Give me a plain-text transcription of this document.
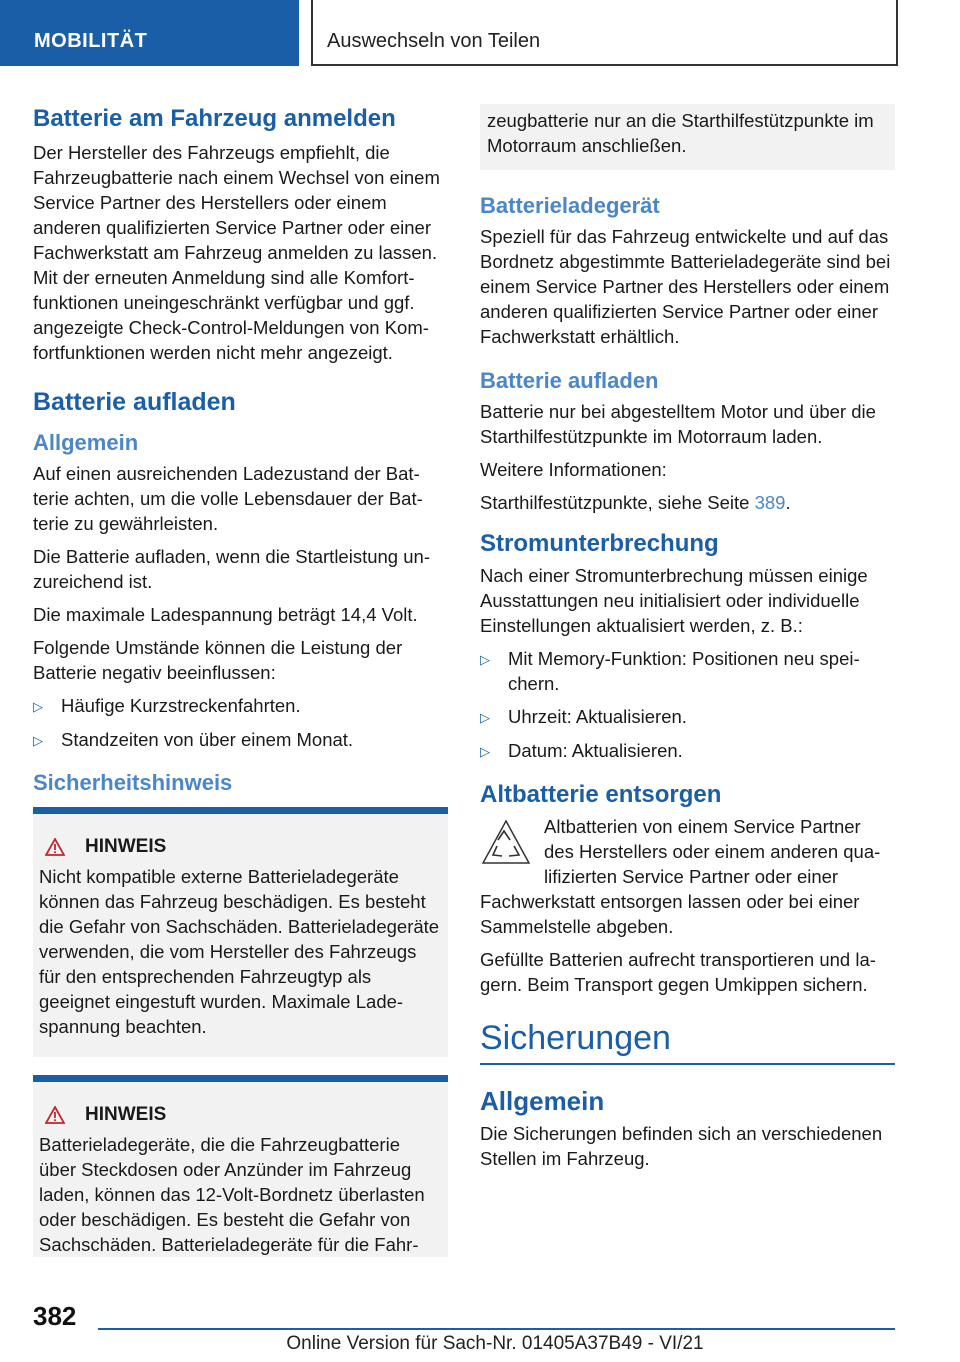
MOBILITÄT	Auswechseln von Teilen
Batterie am Fahrzeug anmelden
Der Hersteller des Fahrzeugs empfiehlt, die Fahrzeugbatterie nach einem Wechsel von einem Service Partner des Herstellers oder einem anderen qualifizierten Service Partner oder einer Fachwerkstatt am Fahrzeug anmelden zu lassen. Mit der erneuten Anmeldung sind alle Komfortfunktionen uneingeschränkt verfügbar und ggf. angezeigte Check-Control-Meldungen von Komfortfunktionen werden nicht mehr angezeigt.
Batterie aufladen
Allgemein
Auf einen ausreichenden Ladezustand der Batterie achten, um die volle Lebensdauer der Batterie zu gewährleisten.
Die Batterie aufladen, wenn die Startleistung unzureichend ist.
Die maximale Ladespannung beträgt 14,4 Volt.
Folgende Umstände können die Leistung der Batterie negativ beeinflussen:
▷ Häufige Kurzstreckenfahrten.
▷ Standzeiten von über einem Monat.
Sicherheitshinweis
HINWEIS
Nicht kompatible externe Batterieladegeräte können das Fahrzeug beschädigen. Es besteht die Gefahr von Sachschäden. Batterieladegeräte verwenden, die vom Hersteller des Fahrzeugs für den entsprechenden Fahrzeugtyp als geeignet eingestuft wurden. Maximale Ladespannung beachten.
HINWEIS
Batterieladegeräte, die die Fahrzeugbatterie über Steckdosen oder Anzünder im Fahrzeug laden, können das 12-Volt-Bordnetz überlasten oder beschädigen. Es besteht die Gefahr von Sachschäden. Batterieladegeräte für die Fahr-
zeugbatterie nur an die Starthilfestützpunkte im Motorraum anschließen.
Batterieladegerät
Speziell für das Fahrzeug entwickelte und auf das Bordnetz abgestimmte Batterieladegeräte sind bei einem Service Partner des Herstellers oder einem anderen qualifizierten Service Partner oder einer Fachwerkstatt erhältlich.
Batterie aufladen
Batterie nur bei abgestelltem Motor und über die Starthilfestützpunkte im Motorraum laden.
Weitere Informationen:
Starthilfestützpunkte, siehe Seite 389.
Stromunterbrechung
Nach einer Stromunterbrechung müssen einige Ausstattungen neu initialisiert oder individuelle Einstellungen aktualisiert werden, z. B.:
▷ Mit Memory-Funktion: Positionen neu speichern.
▷ Uhrzeit: Aktualisieren.
▷ Datum: Aktualisieren.
Altbatterie entsorgen
Altbatterien von einem Service Partner des Herstellers oder einem anderen qualifizierten Service Partner oder einer Fachwerkstatt entsorgen lassen oder bei einer Sammelstelle abgeben.
Gefüllte Batterien aufrecht transportieren und lagern. Beim Transport gegen Umkippen sichern.
Sicherungen
Allgemein
Die Sicherungen befinden sich an verschiedenen Stellen im Fahrzeug.
382
Online Version für Sach-Nr. 01405A37B49 - VI/21
